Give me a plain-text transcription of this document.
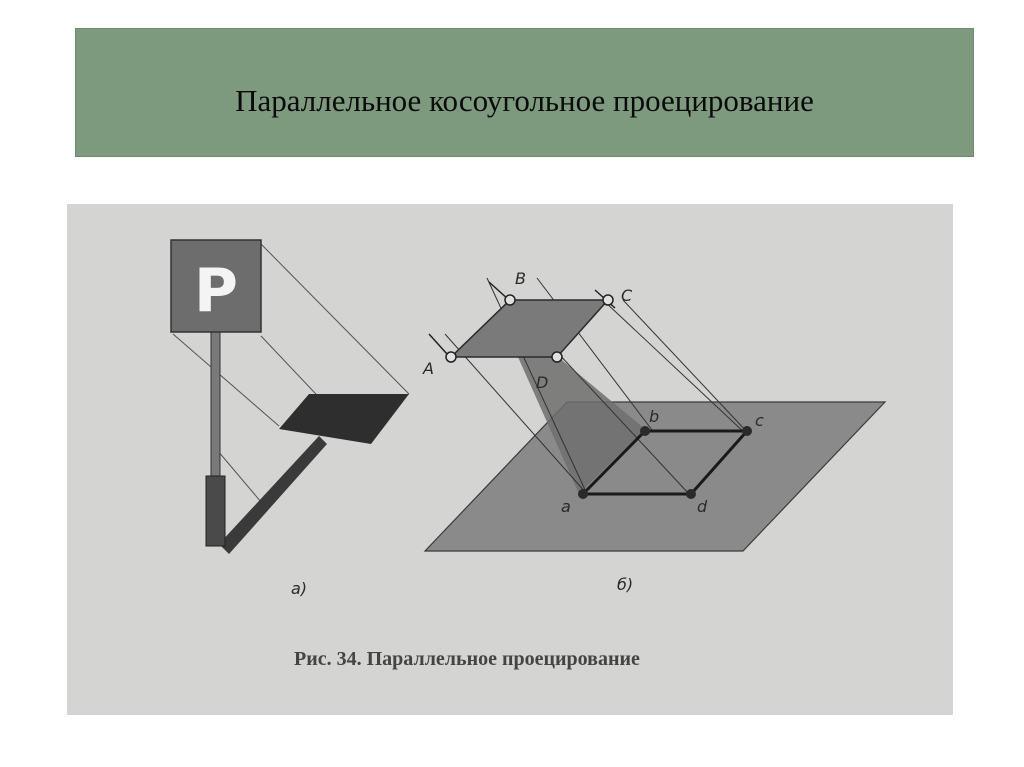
Параллельное косоугольное проецирование
P	B
C
A
D
b	c
a	d
а)	б)
Рис. 34. Параллельное проецирование
